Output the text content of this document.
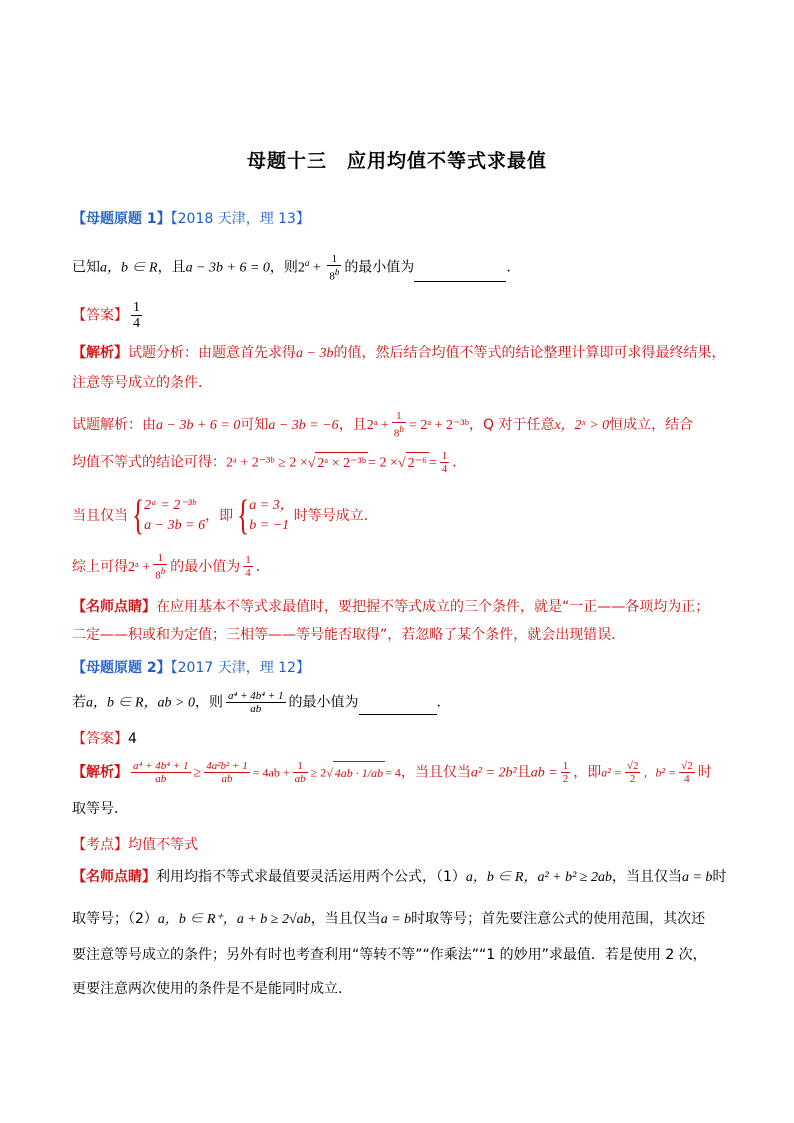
母题十三　应用均值不等式求最值
【母题原题 1】【2018 天津，理 13】
已知a，b ∈ R，且a − 3b + 6 = 0，则$2^a + \frac{1}{8^b}$ 的最小值为	．
【答案】 $\frac{1}{4}$
【解析】试题分析：由题意首先求得a − 3b的值，然后结合均值不等式的结论整理计算即可求得最终结果，
注意等号成立的条件．
试题解析：由a − 3b + 6 = 0可知a − 3b = −6，且2ᵃ + $\frac{1}{8^b}$ = 2ᵃ + 2⁻³ᵇ，Q 对于任意x，2ˣ > 0恒成立，结合
均值不等式的结论可得：2ᵃ + 2⁻³ᵇ ≥ 2 ×√ 2ᵃ × 2⁻³ᵇ = 2 ×√ $2^{-6} = \frac{1}{4}$ ．
当且仅当{ 2ᵃ = 2⁻³ᵇ
a − 3b = 6
，即{ a = 3，
b = −1
时等号成立．
综上可得2ᵃ + $\frac{1}{8^b}$ 的最小值为 $\frac{1}{4}$ ．
【名师点睛】在应用基本不等式求最值时，要把握不等式成立的三个条件，就是“一正——各项均为正；
二定——积或和为定值；三相等——等号能否取得”，若忽略了某个条件，就会出现错误．
【母题原题 2】【2017 天津，理 12】
若a，b ∈ R，ab > 0，则 $\frac{\text{a⁴ + 4b⁴ + 1}}{ab}$ 的最小值为	．
【答案】4
【解析】 $\frac{\text{a⁴ + 4b⁴ + 1}}{ab} \ge \frac{\text{4a²b² + 1}}{ab} = 4ab + \frac{1}{ab} \ge 2√$ 4ab · 1/ab = 4，当且仅当a² = 2b²且ab = $\frac{1}{2}$ ，即$a^2 = \frac{√2}{2}$ ，$b^2 = \frac{√2}{4}$ 时
取等号．
【考点】均值不等式
【名师点睛】利用均指不等式求最值要灵活运用两个公式，（1）a，b ∈ R，a² + b² ≥ 2ab，当且仅当a = b时
取等号；（2）a，b ∈ R⁺，a + b ≥ 2√ab，当且仅当a = b时取等号；首先要注意公式的使用范围，其次还
要注意等号成立的条件；另外有时也考查利用“等转不等”“作乘法”“1 的妙用”求最值．若是使用 2 次，
更要注意两次使用的条件是不是能同时成立．
